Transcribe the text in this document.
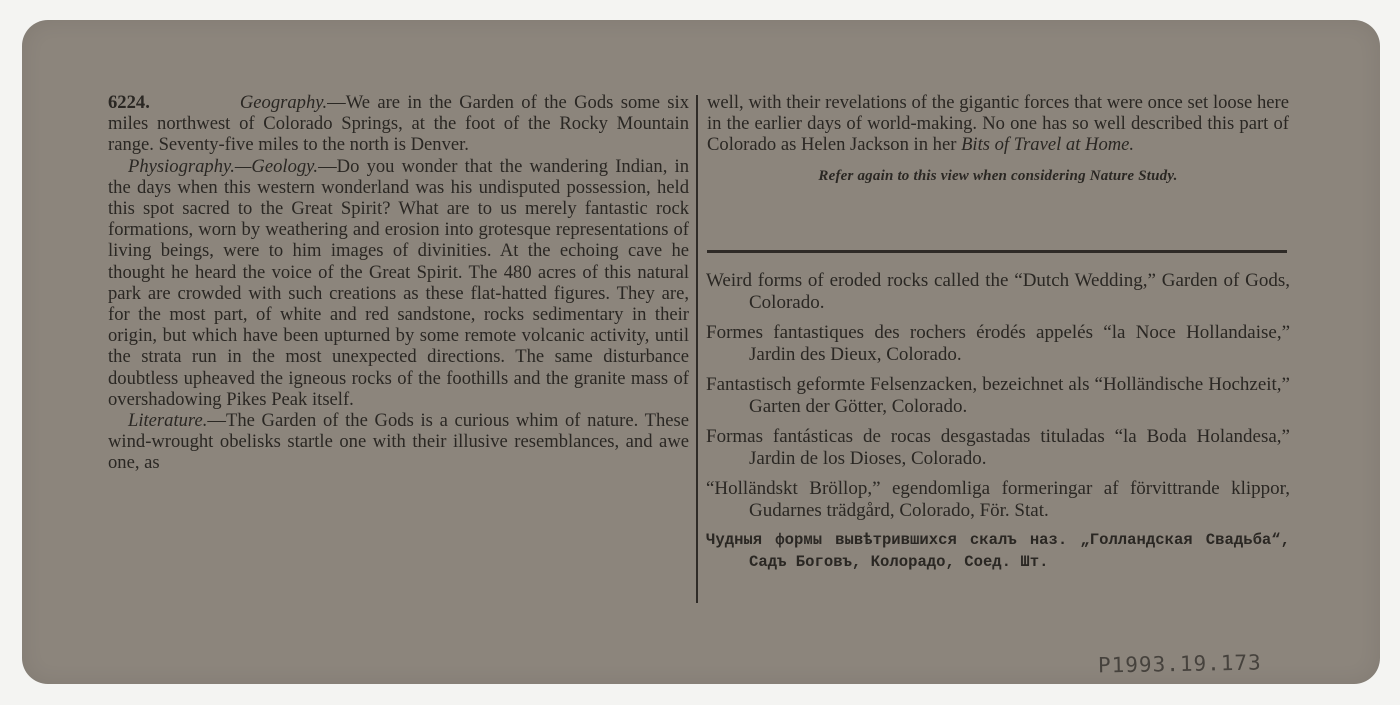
6224.	Geography.—We are in the Garden of the Gods some six miles northwest of Colorado Springs, at the foot of the Rocky Mountain range. Seventy-five miles to the north is Denver.

Physiography.—Geology.—Do you wonder that the wandering Indian, in the days when this western wonderland was his undisputed possession, held this spot sacred to the Great Spirit? What are to us merely fantastic rock formations, worn by weathering and erosion into grotesque representations of living beings, were to him images of divinities. At the echoing cave he thought he heard the voice of the Great Spirit. The 480 acres of this natural park are crowded with such creations as these flat-hatted figures. They are, for the most part, of white and red sandstone, rocks sedimentary in their origin, but which have been upturned by some remote volcanic activity, until the strata run in the most unexpected directions. The same disturbance doubtless upheaved the igneous rocks of the foothills and the granite mass of overshadowing Pikes Peak itself.

Literature.—The Garden of the Gods is a curious whim of nature. These wind-wrought obelisks startle one with their illusive resemblances, and awe one, as

well, with their revelations of the gigantic forces that were once set loose here in the earlier days of world-making. No one has so well described this part of Colorado as Helen Jackson in her Bits of Travel at Home.

Refer again to this view when considering Nature Study.

Weird forms of eroded rocks called the “Dutch Wedding,” Garden of Gods, Colorado.

Formes fantastiques des rochers érodés appelés “la Noce Hollandaise,” Jardin des Dieux, Colorado.

Fantastisch geformte Felsenzacken, bezeichnet als “Holländische Hochzeit,” Garten der Götter, Colorado.

Formas fantásticas de rocas desgastadas tituladas “la Boda Holandesa,” Jardin de los Dioses, Colorado.

“Holländskt Bröllop,” egendomliga formeringar af förvittrande klippor, Gudarnes trädgård, Colorado, För. Stat.

Чудныя формы вывѣтрившихся скалъ наз. „Голландская Свадьба“, Садъ Боговъ, Колорадо, Соед. Шт.

P1993.19.173
